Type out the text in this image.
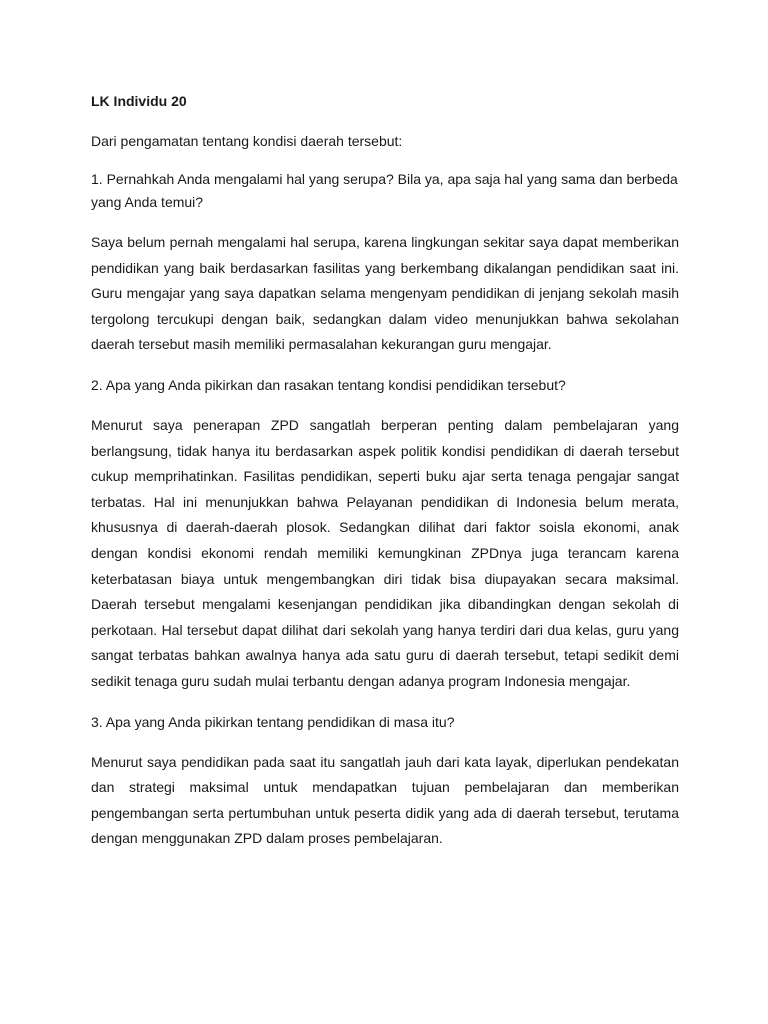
LK Individu 20

Dari pengamatan tentang kondisi daerah tersebut:

1. Pernahkah Anda mengalami hal yang serupa? Bila ya, apa saja hal yang sama dan berbeda yang Anda temui?

Saya belum pernah mengalami hal serupa, karena lingkungan sekitar saya dapat memberikan pendidikan yang baik berdasarkan fasilitas yang berkembang dikalangan pendidikan saat ini. Guru mengajar yang saya dapatkan selama mengenyam pendidikan di jenjang sekolah masih tergolong tercukupi dengan baik, sedangkan dalam video menunjukkan bahwa sekolahan daerah tersebut masih memiliki permasalahan kekurangan guru mengajar.

2. Apa yang Anda pikirkan dan rasakan tentang kondisi pendidikan tersebut?

Menurut saya penerapan ZPD sangatlah berperan penting dalam pembelajaran yang berlangsung, tidak hanya itu berdasarkan aspek politik kondisi pendidikan di daerah tersebut cukup memprihatinkan. Fasilitas pendidikan, seperti buku ajar serta tenaga pengajar sangat terbatas. Hal ini menunjukkan bahwa Pelayanan pendidikan di Indonesia belum merata, khususnya di daerah-daerah plosok. Sedangkan dilihat dari faktor soisla ekonomi, anak dengan kondisi ekonomi rendah memiliki kemungkinan ZPDnya juga terancam karena keterbatasan biaya untuk mengembangkan diri tidak bisa diupayakan secara maksimal. Daerah tersebut mengalami kesenjangan pendidikan jika dibandingkan dengan sekolah di perkotaan. Hal tersebut dapat dilihat dari sekolah yang hanya terdiri dari dua kelas, guru yang sangat terbatas bahkan awalnya hanya ada satu guru di daerah tersebut, tetapi sedikit demi sedikit tenaga guru sudah mulai terbantu dengan adanya program Indonesia mengajar.

3. Apa yang Anda pikirkan tentang pendidikan di masa itu?

Menurut saya pendidikan pada saat itu sangatlah jauh dari kata layak, diperlukan pendekatan dan strategi maksimal untuk mendapatkan tujuan pembelajaran dan memberikan pengembangan serta pertumbuhan untuk peserta didik yang ada di daerah tersebut, terutama dengan menggunakan ZPD dalam proses pembelajaran.
